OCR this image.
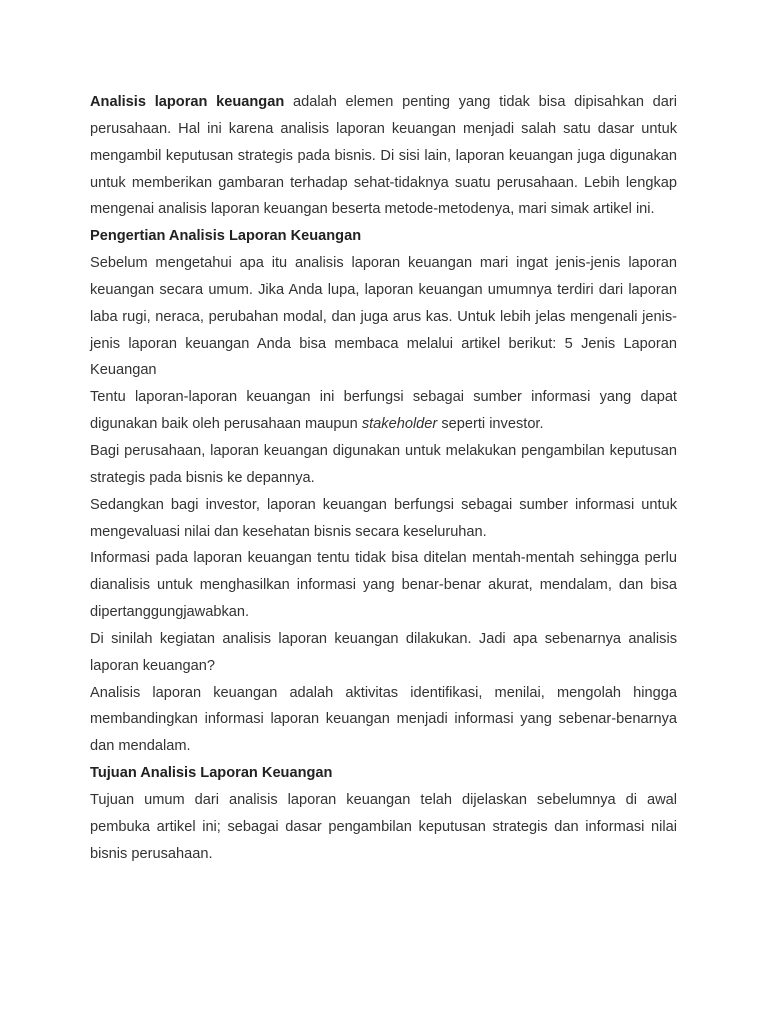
Analisis laporan keuangan adalah elemen penting yang tidak bisa dipisahkan dari perusahaan. Hal ini karena analisis laporan keuangan menjadi salah satu dasar untuk mengambil keputusan strategis pada bisnis. Di sisi lain, laporan keuangan juga digunakan untuk memberikan gambaran terhadap sehat-tidaknya suatu perusahaan. Lebih lengkap mengenai analisis laporan keuangan beserta metode-metodenya, mari simak artikel ini.

Pengertian Analisis Laporan Keuangan

Sebelum mengetahui apa itu analisis laporan keuangan mari ingat jenis-jenis laporan keuangan secara umum. Jika Anda lupa, laporan keuangan umumnya terdiri dari laporan laba rugi, neraca, perubahan modal, dan juga arus kas. Untuk lebih jelas mengenali jenis-jenis laporan keuangan Anda bisa membaca melalui artikel berikut: 5 Jenis Laporan Keuangan

Tentu laporan-laporan keuangan ini berfungsi sebagai sumber informasi yang dapat digunakan baik oleh perusahaan maupun stakeholder seperti investor.

Bagi perusahaan, laporan keuangan digunakan untuk melakukan pengambilan keputusan strategis pada bisnis ke depannya.

Sedangkan bagi investor, laporan keuangan berfungsi sebagai sumber informasi untuk mengevaluasi nilai dan kesehatan bisnis secara keseluruhan.

Informasi pada laporan keuangan tentu tidak bisa ditelan mentah-mentah sehingga perlu dianalisis untuk menghasilkan informasi yang benar-benar akurat, mendalam, dan bisa dipertanggungjawabkan.

Di sinilah kegiatan analisis laporan keuangan dilakukan. Jadi apa sebenarnya analisis laporan keuangan?

Analisis laporan keuangan adalah aktivitas identifikasi, menilai, mengolah hingga membandingkan informasi laporan keuangan menjadi informasi yang sebenar-benarnya dan mendalam.

Tujuan Analisis Laporan Keuangan

Tujuan umum dari analisis laporan keuangan telah dijelaskan sebelumnya di awal pembuka artikel ini; sebagai dasar pengambilan keputusan strategis dan informasi nilai bisnis perusahaan.
